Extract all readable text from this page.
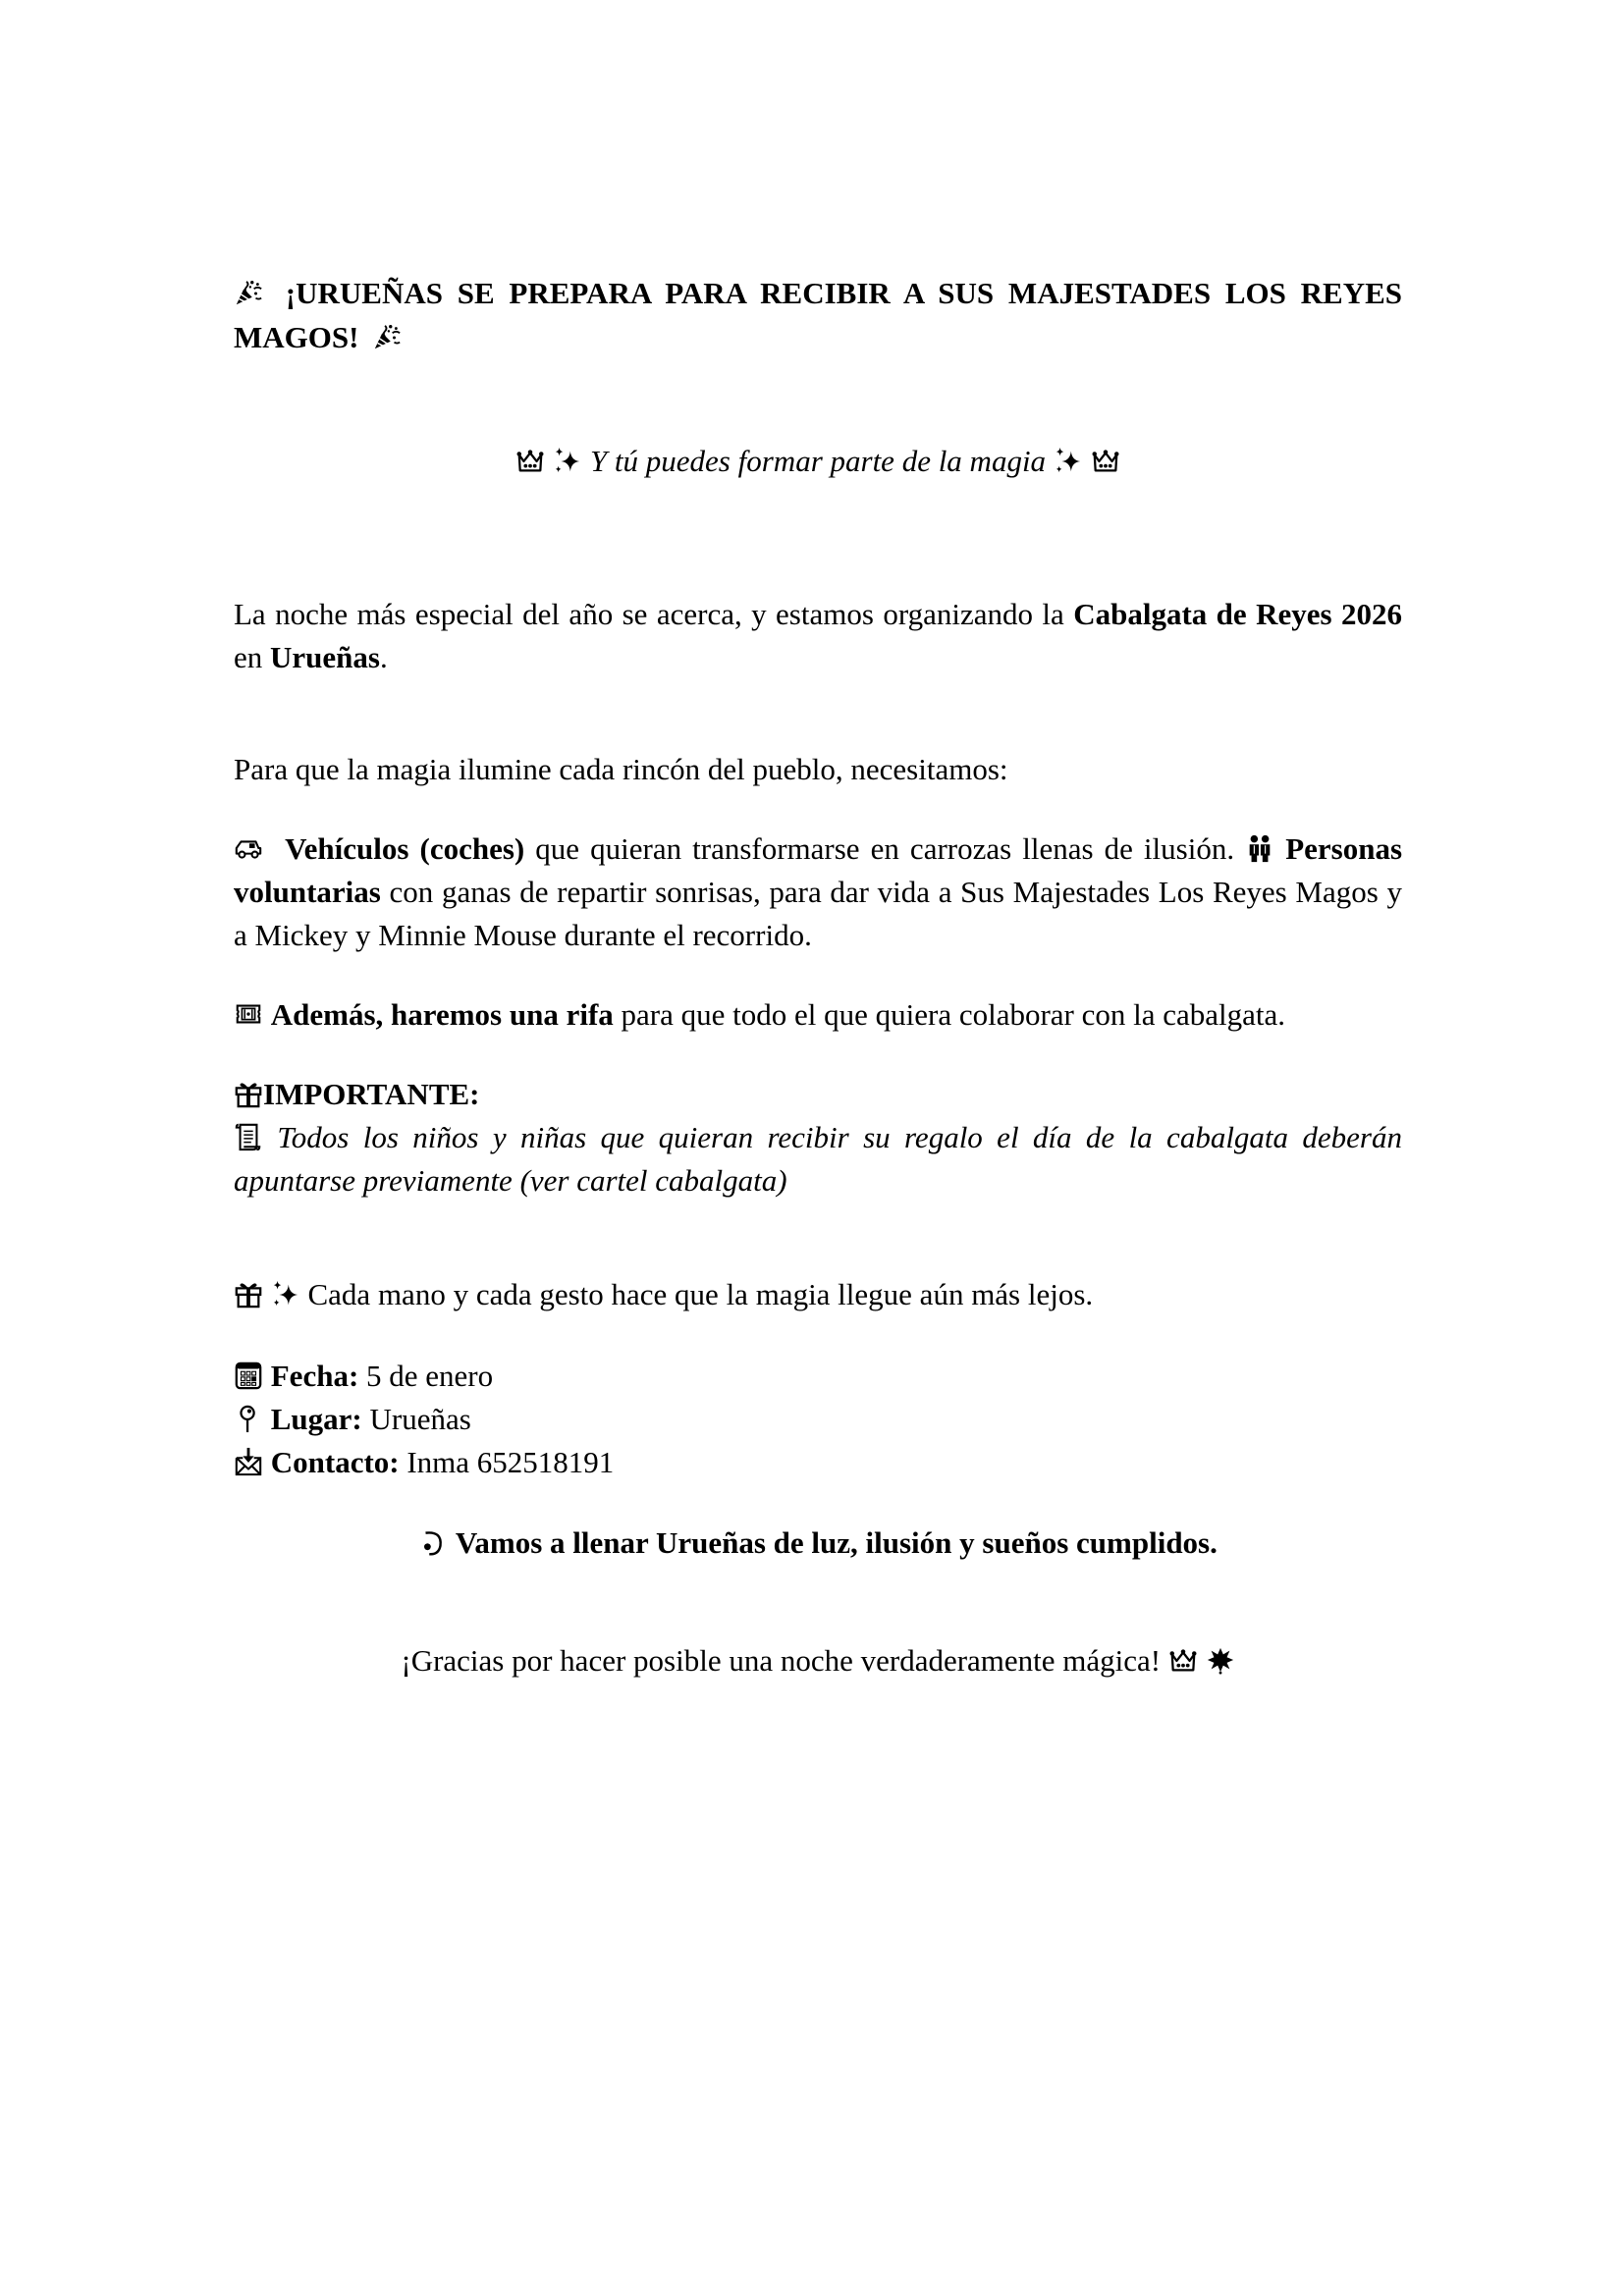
¡URUEÑAS SE PREPARA PARA RECIBIR A SUS MAJESTADES LOS REYES MAGOS!

Y tú puedes formar parte de la magia

La noche más especial del año se acerca, y estamos organizando la Cabalgata de Reyes 2026 en Urueñas.

Para que la magia ilumine cada rincón del pueblo, necesitamos:

Vehículos (coches) que quieran transformarse en carrozas llenas de ilusión. Personas voluntarias con ganas de repartir sonrisas, para dar vida a Sus Majestades Los Reyes Magos y a Mickey y Minnie Mouse durante el recorrido.

Además, haremos una rifa para que todo el que quiera colaborar con la cabalgata.

IMPORTANTE:

Todos los niños y niñas que quieran recibir su regalo el día de la cabalgata deberán apuntarse previamente (ver cartel cabalgata)

Cada mano y cada gesto hace que la magia llegue aún más lejos.

Fecha: 5 de enero

Lugar: Urueñas

Contacto: Inma 652518191

Vamos a llenar Urueñas de luz, ilusión y sueños cumplidos.

¡Gracias por hacer posible una noche verdaderamente mágica!
